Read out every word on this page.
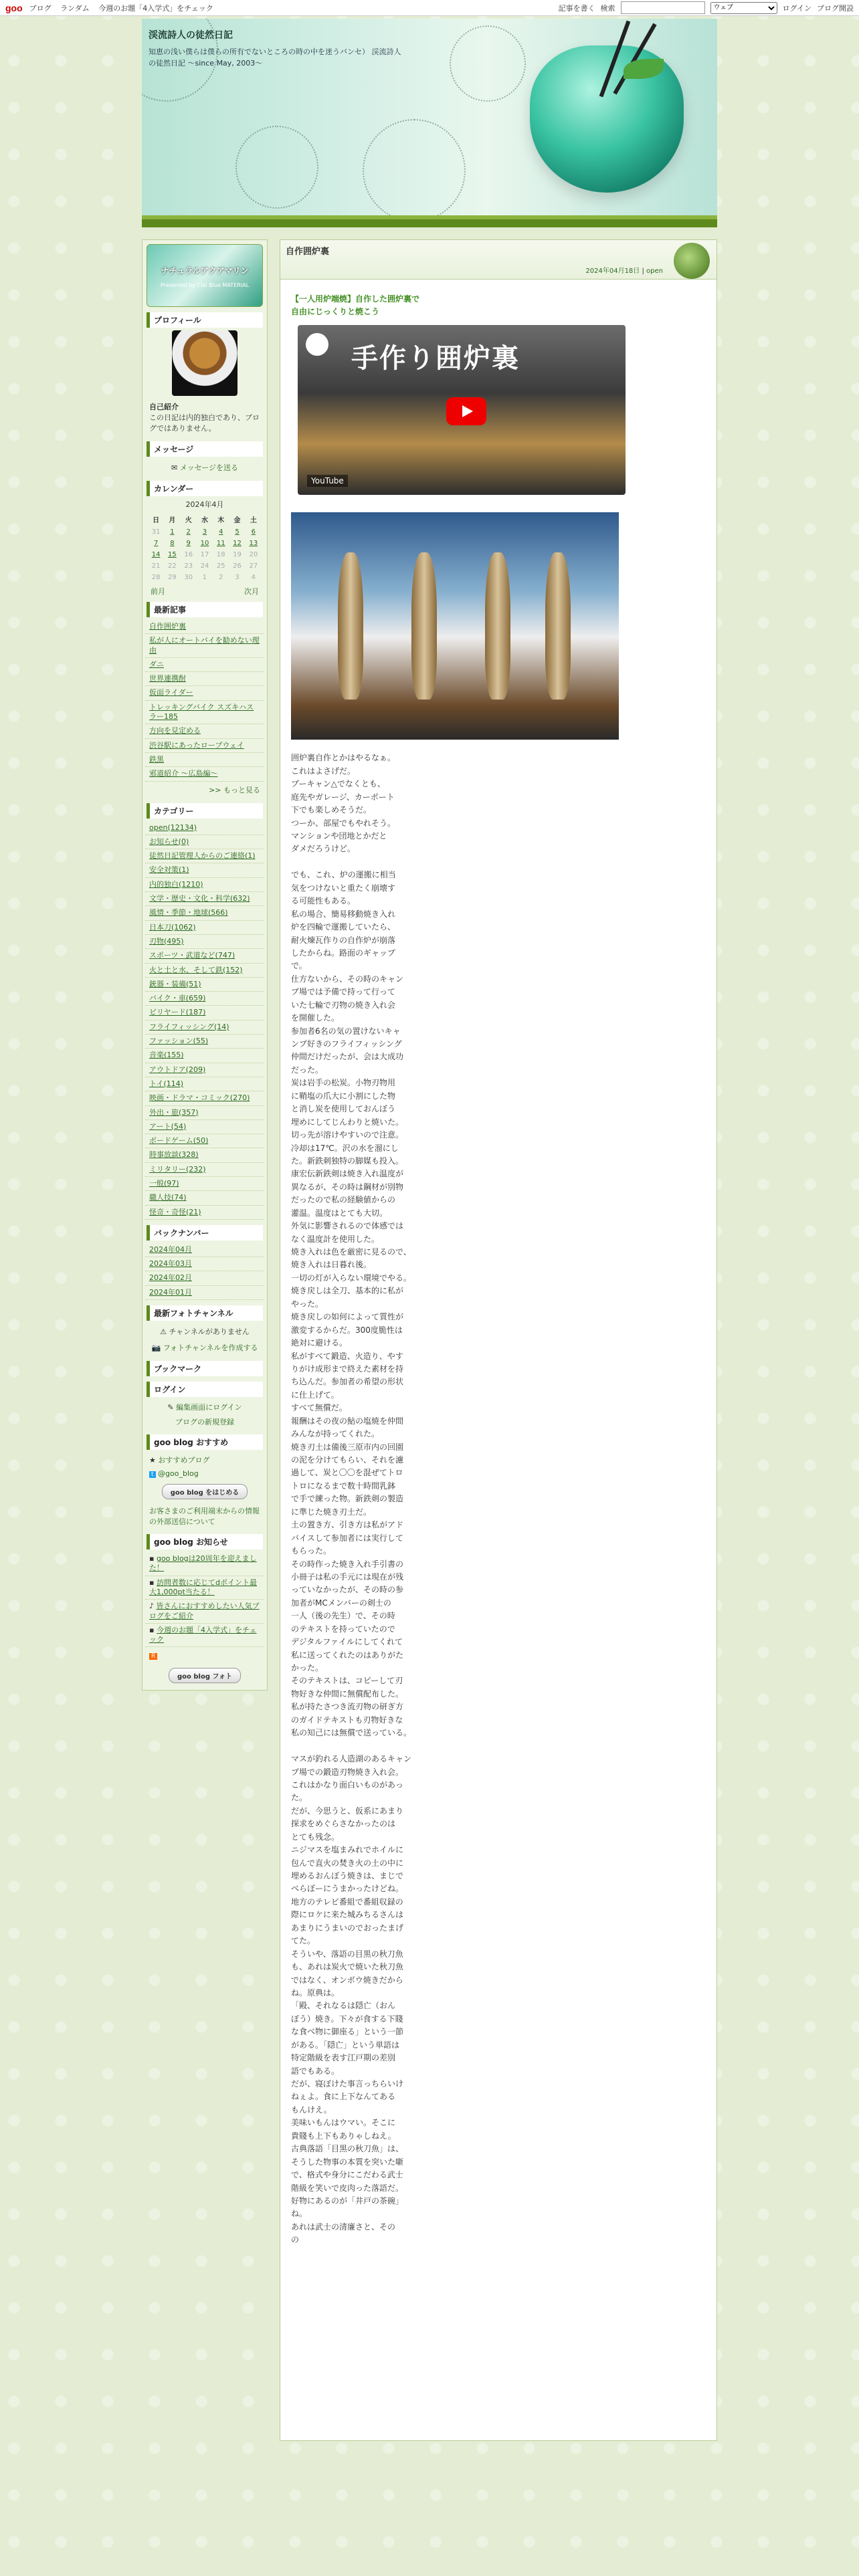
goo ブログ ランダム 今週のお題「4入学式」をチェック	記事を書く 検索
ウェブ	ログイン ブログ開設
渓流詩人の徒然日記
知恵の浅い僕らは僕らの所有でないところの時の中を迷うバンセ） 渓流詩人の徒然日記 〜since May, 2003〜
ナチュラルアクアマリン
Presented by Ciel Blue MATERIAL
プロフィール
自己紹介
この日記は内的独白であり、ブログではありません。
メッセージ
✉ メッセージを送る
カレンダー
2024年4月
日	月	火	水	木	金	土
31	1	2	3	4	5	6
7	8	9	10	11	12	13
14	15	16	17	18	19	20
21	22	23	24	25	26	27
28	29	30	1	2	3	4
前月	次月
最新記事
自作囲炉裏
私が人にオートバイを勧めない理由
ダニ
世界連携酎
仮面ライダー
トレッキングバイク スズキハスラー185
方向を見定める
渋谷駅にあったロープウェイ
鉄黒
邪道紹介 〜広島編〜
>> もっと見る
カテゴリー
open(12134)
お知らせ(0)
徒然日記管理人からのご連絡(1)
安全対策(1)
内的独白(1210)
文学・歴史・文化・科学(632)
風情・季節・地球(566)
日本刀(1062)
刃物(495)
スポーツ・武道など(747)
火と土と水、そして鉄(152)
銃器・装備(51)
バイク・車(659)
ビリヤード(187)
フライフィッシング(14)
ファッション(55)
音楽(155)
アウトドア(209)
トイ(114)
映画・ドラマ・コミック(270)
外出・旅(357)
アート(54)
ボードゲーム(50)
時事放談(328)
ミリタリー(232)
一般(97)
職人技(74)
怪奇・奇怪(21)
バックナンバー
2024年04月
2024年03月
2024年02月
2024年01月
最新フォトチャンネル
⚠ チャンネルがありません
📷 フォトチャンネルを作成する
ブックマーク
ログイン
✎ 編集画面にログイン
ブログの新規登録
goo blog おすすめ
★ おすすめブログ
t @goo_blog
goo blog をはじめる
お客さまのご利用端末からの情報の外部送信について
goo blog お知らせ
▪ goo blogは20周年を迎えました！
▪ 訪問者数に応じてdポイント最大1,000pt当たる！
♪ 皆さんにおすすめしたい人気ブログをご紹介
▪ 今週のお題「4入学式」をチェック
R
goo blog フォト
自作囲炉裏
2024年04月18日 | open
【一人用炉端焼】自作した囲炉裏で
自由にじっくりと焼こう
手作り囲炉裏
YouTube
囲炉裏自作とかはやるなぁ。
これはよさげだ。
ブーキャン△でなくとも、
庭先やガレージ、カーポート
下でも楽しめそうだ。
つーか、部屋でもやれそう。
マンションや団地とかだと
ダメだろうけど。

でも、これ、炉の運搬に相当
気をつけないと重たく崩壊す
る可能性もある。
私の場合、簡易移動焼き入れ
炉を四輪で運搬していたら、
耐火煉瓦作りの自作炉が崩落
したからね。路面のギャップ
で。
仕方ないから、その時のキャン
プ場では予備で持って行って
いた七輪で刃物の焼き入れ会
を開催した。
参加者6名の気の置けないキャ
ンプ好きのフライフィッシング
仲間だけだったが、会は大成功
だった。
炭は岩手の松炭。小物刃物用
に鞘塩の爪大に小割にした物
と消し炭を使用しておんぼう
埋めにしてじんわりと焼いた。
切っ先が溶けやすいので注意。
冷却は17℃。沢の水を溜にし
た。新鉄刺独特の脚媒も投入。
康宏伝新鉄剣は焼き入れ温度が
異なるが、その時は鋼材が別物
だったので私の経験値からの
灌温。温度はとても大切。
外気に影響されるので体感では
なく温度計を使用した。
焼き入れは色を厳密に見るので、
焼き入れは日暮れ後。
一切の灯が入らない環境でやる。
焼き戻しは全刀、基本的に私が
やった。
焼き戻しの如何によって質性が
激変するからだ。300度脆性は
絶対に避ける。
私がすべて鍛造、火造り、やす
りがけ成形まで終えた素材を持
ち込んだ。参加者の希望の形状
に仕上げて。
すべて無償だ。
報酬はその夜の鮎の塩焼を仲間
みんなが持ってくれた。
焼き刃土は備後三原市内の回園
の泥を分けてもらい、それを濾
過して、炭と〇〇を混ぜてトロ
トロになるまで数十時間乳鉢
で手で練った物。新鉄剣の製造
に準じた焼き刃土だ。
土の置き方、引き方は私がアド
バイスして参加者には実行して
もらった。
その時作った焼き入れ手引書の
小冊子は私の手元には現在が残
っていなかったが、その時の参
加者がMCメンバーの剣士の
一人（後の先生）で、その時
のテキストを持っていたので
デジタルファイルにしてくれて
私に送ってくれたのはありがた
かった。
そのテキストは、コピーして刃
物好きな仲間に無償配布した。
私が持たさつき流刃物の研ぎ方
のガイドテキストも刃物好きな
私の知己には無償で送っている。

マスが釣れる人造湖のあるキャン
プ場での鍛造刃物焼き入れ会。
これはかなり面白いものがあった。
だが、今思うと、仮系にあまり
探求をめぐらさなかったのは
とても残念。
ニジマスを塩まみれでホイルに
包んで直火の焚き火の土の中に
埋めるおんぼう焼きは、まじで
べらぼーにうまかったけどね。
地方のテレビ番組で番組収録の
際にロケに来た城みちるさんは
あまりにうまいのでおったまげ
てた。
そういや、落語の目黒の秋刀魚
も、あれは炭火で焼いた秋刀魚
ではなく、オンボウ焼きだから
ね。原典は。
「殿、それなるは隠亡（おん
ぼう）焼き。下々が食する下賤
な食べ物に御座る」という一節
がある。「隠亡」という単語は
特定階級を表す江戸期の差別
語でもある。
だが、寝ぼけた事言っちらいけ
ねぇよ。食に上下なんてある
もんけえ。
美味いもんはウマい。そこに
貴賤も上下もありゃしねえ。
古典落語「目黒の秋刀魚」は、
そうした物事の本質を突いた噺
で、格式や身分にこだわる武士
階級を笑いで皮肉った落語だ。
好物にあるのが「井戸の茶碗」
ね。
あれは武士の清廉さと、その
の
